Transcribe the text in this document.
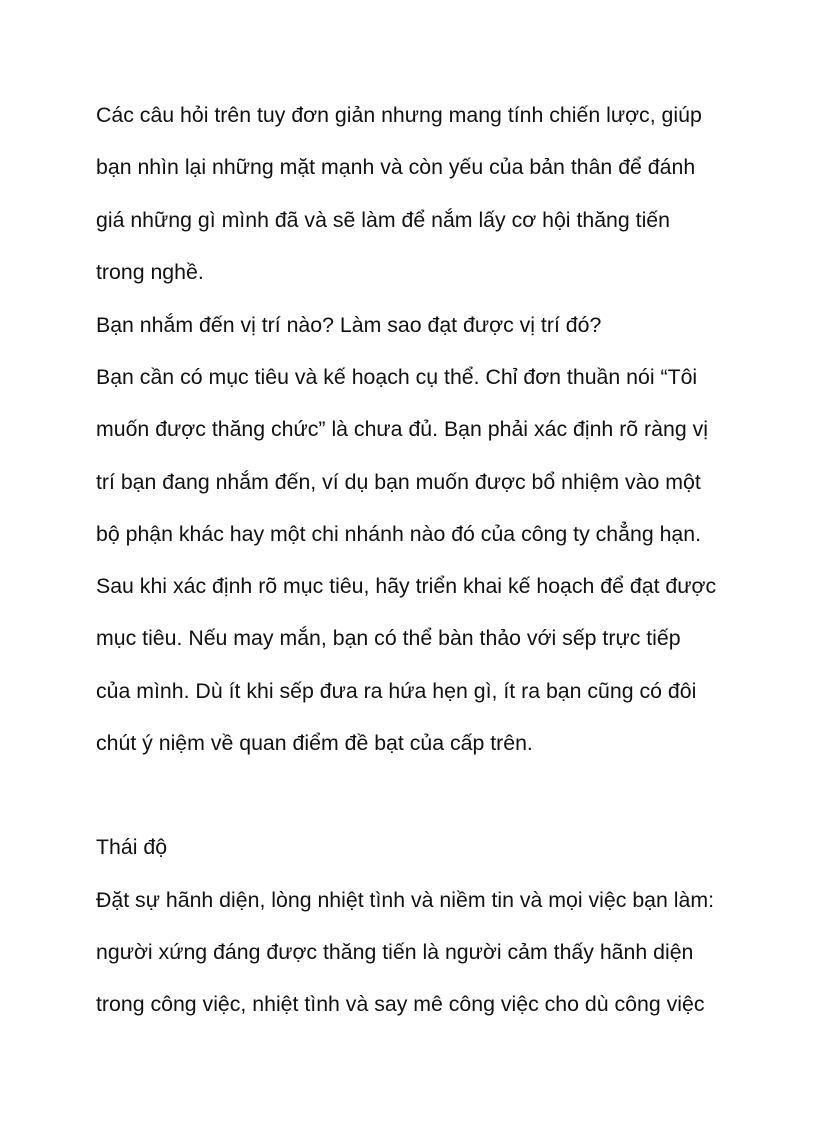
Các câu hỏi trên tuy đơn giản nhưng mang tính chiến lược, giúp
bạn nhìn lại những mặt mạnh và còn yếu của bản thân để đánh
giá những gì mình đã và sẽ làm để nắm lấy cơ hội thăng tiến
trong nghề.
Bạn nhắm đến vị trí nào? Làm sao đạt được vị trí đó?
Bạn cần có mục tiêu và kế hoạch cụ thể. Chỉ đơn thuần nói “Tôi
muốn được thăng chức” là chưa đủ. Bạn phải xác định rõ ràng vị
trí bạn đang nhắm đến, ví dụ bạn muốn được bổ nhiệm vào một
bộ phận khác hay một chi nhánh nào đó của công ty chẳng hạn.
Sau khi xác định rõ mục tiêu, hãy triển khai kế hoạch để đạt được
mục tiêu. Nếu may mắn, bạn có thể bàn thảo với sếp trực tiếp
của mình. Dù ít khi sếp đưa ra hứa hẹn gì, ít ra bạn cũng có đôi
chút ý niệm về quan điểm đề bạt của cấp trên.
Thái độ
Đặt sự hãnh diện, lòng nhiệt tình và niềm tin và mọi việc bạn làm:
người xứng đáng được thăng tiến là người cảm thấy hãnh diện
trong công việc, nhiệt tình và say mê công việc cho dù công việc
